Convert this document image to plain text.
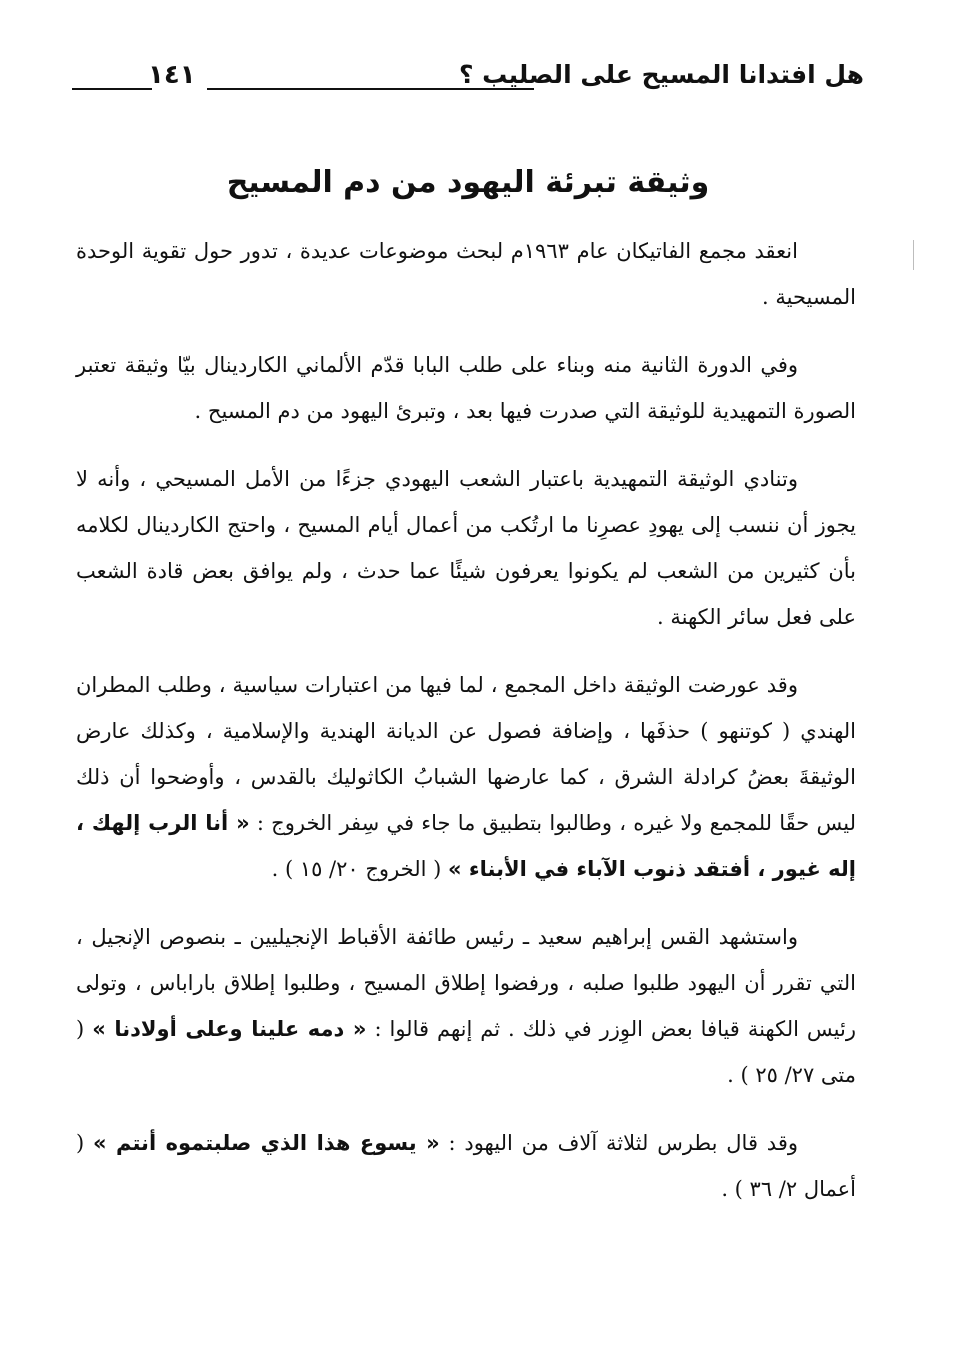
هل افتدانا المسيح على الصليب ؟
١٤١
وثيقة تبرئة اليهود من دم المسيح

انعقد مجمع الفاتيكان عام ١٩٦٣م لبحث موضوعات عديدة ، تدور حول تقوية الوحدة المسيحية .

وفي الدورة الثانية منه وبناء على طلب البابا قدّم الألماني الكاردينال بيّا وثيقة تعتبر الصورة التمهيدية للوثيقة التي صدرت فيها بعد ، وتبرئ اليهود من دم المسيح .

وتنادي الوثيقة التمهيدية باعتبار الشعب اليهودي جزءًا من الأمل المسيحي ، وأنه لا يجوز أن ننسب إلى يهودِ عصرِنا ما ارتُكب من أعمال أيام المسيح ، واحتج الكاردينال لكلامه بأن كثيرين من الشعب لم يكونوا يعرفون شيئًا عما حدث ، ولم يوافق بعض قادة الشعب على فعل سائر الكهنة .

وقد عورضت الوثيقة داخل المجمع ، لما فيها من اعتبارات سياسية ، وطلب المطران الهندي ( كوتنهو ) حذفَها ، وإضافة فصول عن الديانة الهندية والإسلامية ، وكذلك عارض الوثيقةَ بعضُ كرادلة الشرق ، كما عارضها الشبابُ الكاثوليك بالقدس ، وأوضحوا أن ذلك ليس حقًا للمجمع ولا غيره ، وطالبوا بتطبيق ما جاء في سِفر الخروج : « أنا الرب إلهك ، إله غيور ، أفتقد ذنوب الآباء في الأبناء » ( الخروج ٢٠/ ١٥ ) .

واستشهد القس إبراهيم سعيد ـ رئيس طائفة الأقباط الإنجيليين ـ بنصوص الإنجيل ، التي تقرر أن اليهود طلبوا صلبه ، ورفضوا إطلاق المسيح ، وطلبوا إطلاق باراباس ، وتولى رئيس الكهنة قيافا بعض الوِزر في ذلك . ثم إنهم قالوا : « دمه علينا وعلى أولادنا » ( متى ٢٧/ ٢٥ ) .

وقد قال بطرس لثلاثة آلاف من اليهود : « يسوع هذا الذي صلبتموه أنتم » ( أعمال ٢/ ٣٦ ) .
